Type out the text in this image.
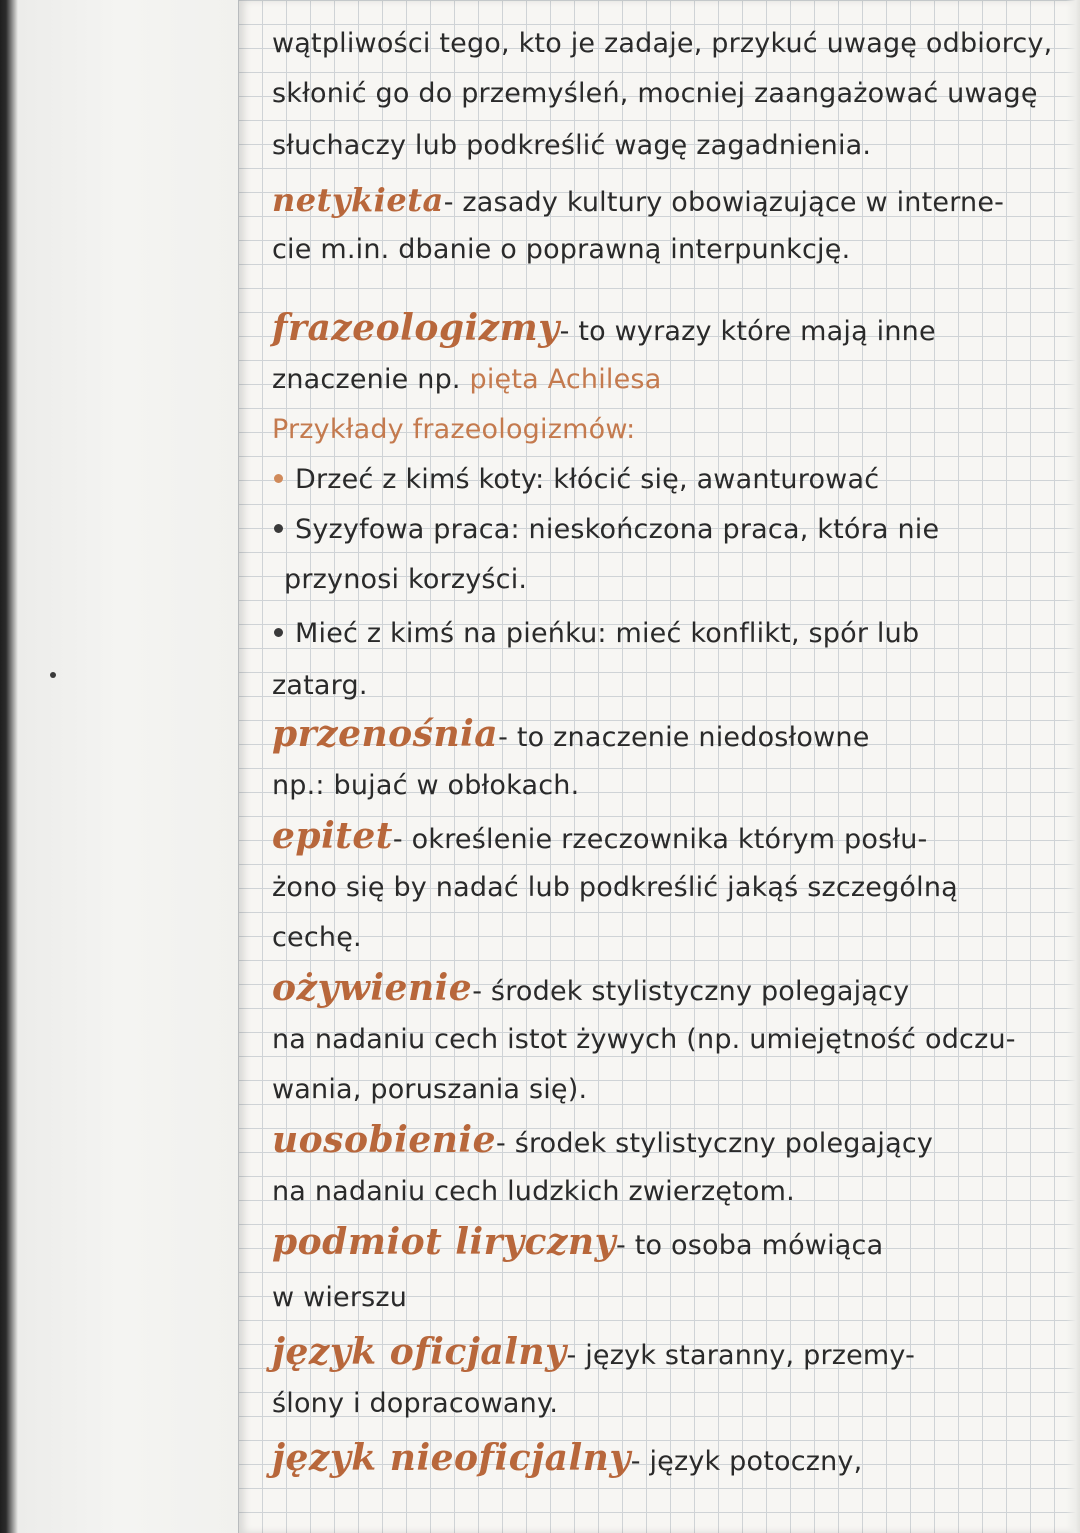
wątpliwości tego, kto je zadaje, przykuć uwagę odbiorcy,
skłonić go do przemyśleń, mocniej zaangażować uwagę
słuchaczy lub podkreślić wagę zagadnienia.
netykieta- zasady kultury obowiązujące w interne-
cie m.in. dbanie o poprawną interpunkcję.
frazeologizmy- to wyrazy które mają inne
znaczenie np. pięta Achilesa
Przykłady frazeologizmów:
Drzeć z kimś koty: kłócić się, awanturować
Syzyfowa praca: nieskończona praca, która nie
przynosi korzyści.
Mieć z kimś na pieńku: mieć konflikt, spór lub
zatarg.
przenośnia- to znaczenie niedosłowne
np.: bujać w obłokach.
epitet- określenie rzeczownika którym posłu-
żono się by nadać lub podkreślić jakąś szczególną
cechę.
ożywienie- środek stylistyczny polegający
na nadaniu cech istot żywych (np. umiejętność odczu-
wania, poruszania się).
uosobienie- środek stylistyczny polegający
na nadaniu cech ludzkich zwierzętom.
podmiot liryczny- to osoba mówiąca
w wierszu
język oficjalny- język staranny, przemy-
ślony i dopracowany.
język nieoficjalny- język potoczny,
